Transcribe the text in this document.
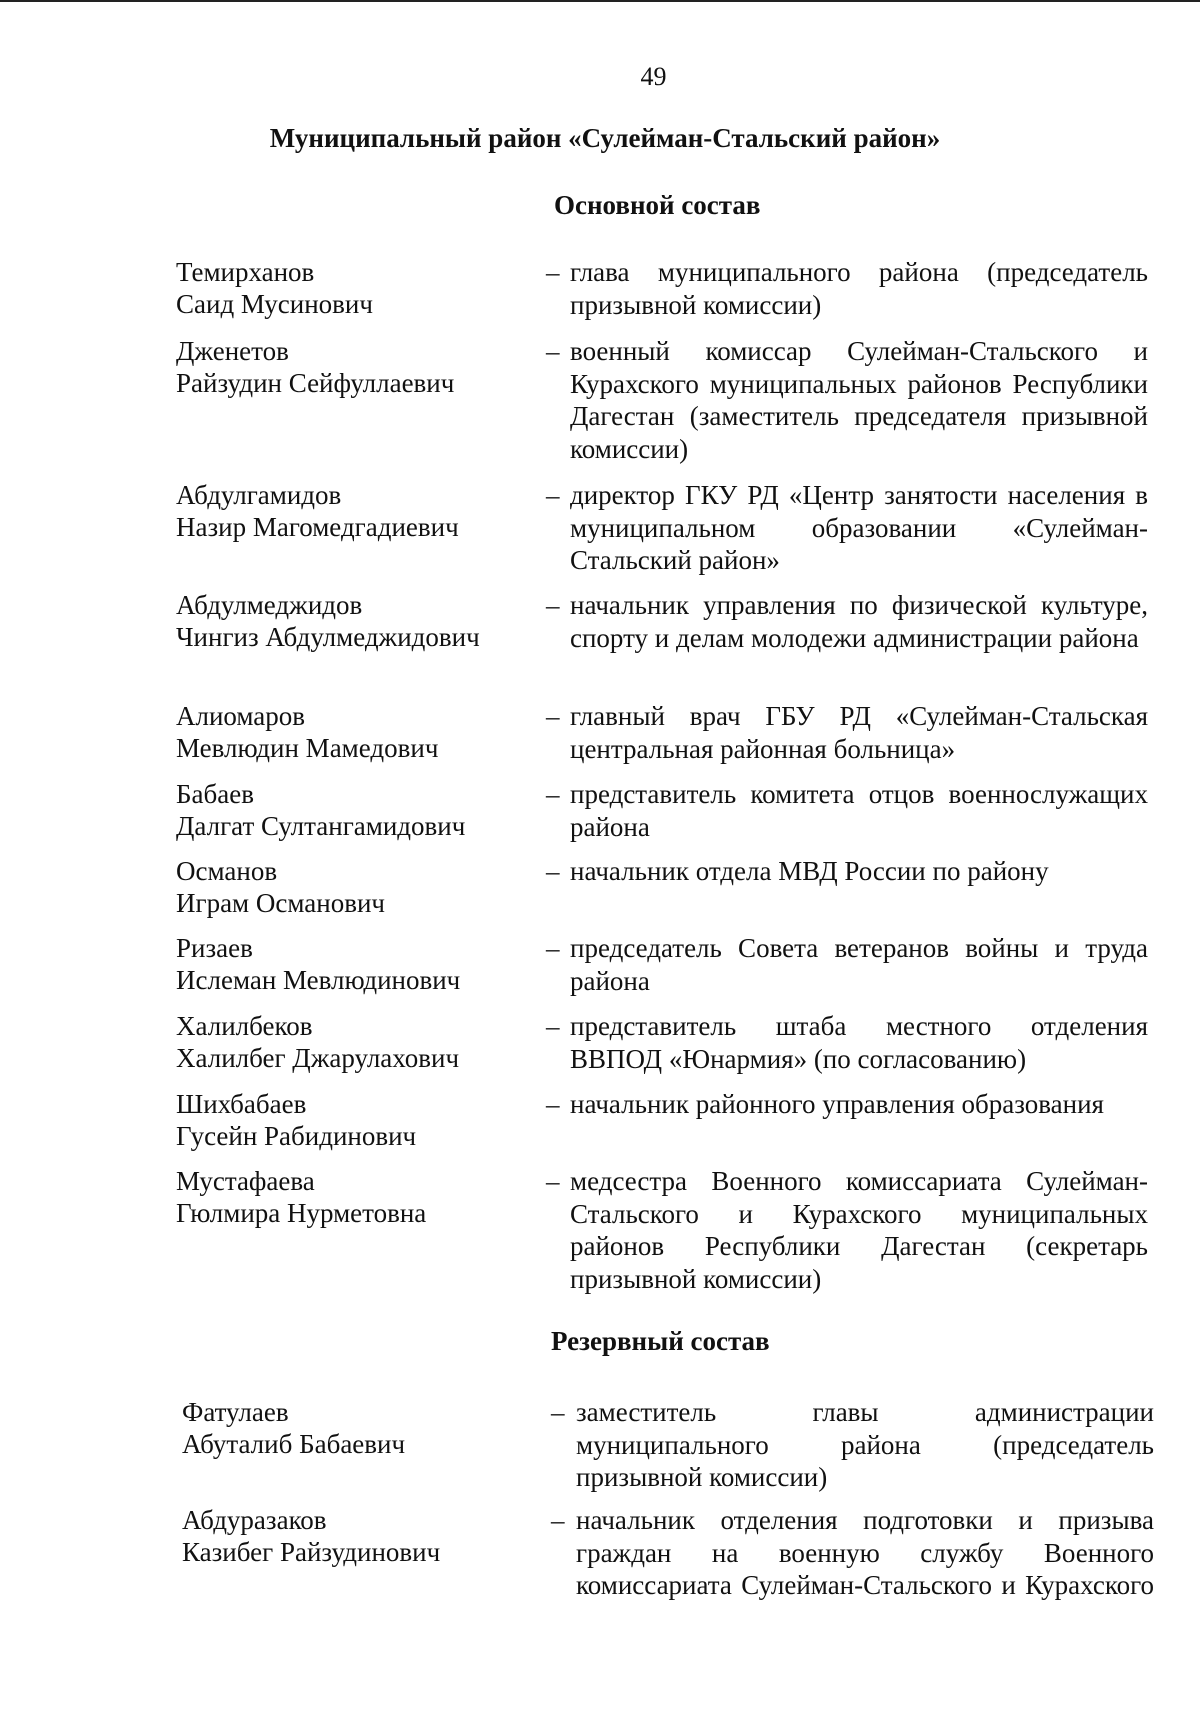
49
Муниципальный район «Сулейман-Стальский район»
Основной состав
Темирханов
Саид Мусинович
– глава муниципального района (председатель призывной комиссии)
Дженетов
Райзудин Сейфуллаевич
– военный комиссар Сулейман-Стальского и Курахского муниципальных районов Республики Дагестан (заместитель председателя призывной комиссии)
Абдулгамидов
Назир Магомедгадиевич
– директор ГКУ РД «Центр занятости населения в муниципальном образовании «Сулейман-Стальский район»
Абдулмеджидов
Чингиз Абдулмеджидович
– начальник управления по физической культуре, спорту и делам молодежи администрации района
Алиомаров
Мевлюдин Мамедович
– главный врач ГБУ РД «Сулейман-Стальская центральная районная больница»
Бабаев
Далгат Султангамидович
– представитель комитета отцов военнослужащих района
Османов
Играм Османович
– начальник отдела МВД России по району
Ризаев
Ислеман Мевлюдинович
– председатель Совета ветеранов войны и труда района
Халилбеков
Халилбег Джарулахович
– представитель штаба местного отделения ВВПОД «Юнармия» (по согласованию)
Шихбабаев
Гусейн Рабидинович
– начальник районного управления образования
Мустафаева
Гюлмира Нурметовна
– медсестра Военного комиссариата Сулейман-Стальского и Курахского муниципальных районов Республики Дагестан (секретарь призывной комиссии)
Резервный состав
Фатулаев
Абуталиб Бабаевич
– заместитель главы администрации муниципального района (председатель призывной комиссии)
Абдуразаков
Казибег Райзудинович
– начальник отделения подготовки и призыва граждан на военную службу Военного комиссариата Сулейман-Стальского и Курахского
